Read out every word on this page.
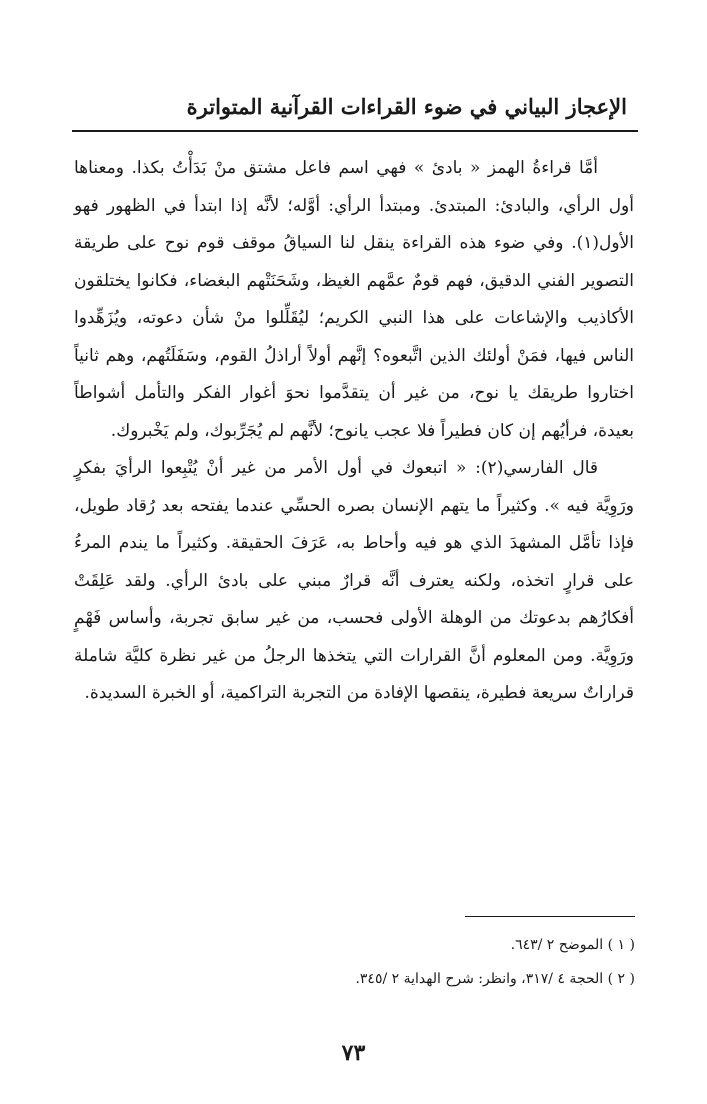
الإعجاز البياني في ضوء القراءات القرآنية المتواترة

أمَّا قراءةُ الهمز « بادئ » فهي اسم فاعل مشتق منْ بَدَأْتُ بكذا. ومعناها أول الرأي، والبادئ: المبتدئ. ومبتدأ الرأي: أوَّله؛ لأنَّه إذا ابتدأ في الظهور فهو الأول(١). وفي ضوء هذه القراءة ينقل لنا السياقُ موقف قوم نوح على طريقة التصوير الفني الدقيق، فهم قومٌ عمَّهم الغيظ، وشَحَنَتْهم البغضاء، فكانوا يختلقون الأكاذيب والإشاعات على هذا النبي الكريم؛ ليُقَلِّلوا منْ شأن دعوته، ويُزَهِّدوا الناس فيها، فمَنْ أولئك الذين اتَّبعوه؟ إنَّهم أولاً أراذلُ القوم، وسَفَلَتُهم، وهم ثانياً اختاروا طريقك يا نوح، من غير أن يتقدَّموا نحوَ أغوار الفكر والتأمل أشواطاً بعيدة، فرأيُهم إن كان فطيراً فلا عجب يانوح؛ لأنَّهم لم يُجَرِّبوك، ولم يَخْبروك.

قال الفارسي(٢): « اتبعوك في أول الأمر من غير أنْ يُتْبِعوا الرأيَ بفكرٍ ورَوِيَّة فيه ». وكثيراً ما يتهم الإنسان بصره الحسِّي عندما يفتحه بعد رُقاد طويل، فإذا تأمَّل المشهدَ الذي هو فيه وأحاط به، عَرَفَ الحقيقة. وكثيراً ما يندم المرءُ على قرارٍ اتخذه، ولكنه يعترف أنَّه قرارٌ مبني على بادئ الرأي. ولقد عَلِقَتْ أفكارُهم بدعوتك من الوهلة الأولى فحسب، من غير سابق تجربة، وأساس فَهْمٍ ورَوِيَّة. ومن المعلوم أنَّ القرارات التي يتخذها الرجلُ من غير نظرة كليَّة شاملة قراراتٌ سريعة فطيرة، ينقصها الإفادة من التجربة التراكمية، أو الخبرة السديدة.

( ١ ) الموضح ٢ /٦٤٣.

( ٢ ) الحجة ٤ /٣١٧، وانظر: شرح الهداية ٢ /٣٤٥.

٧٣
